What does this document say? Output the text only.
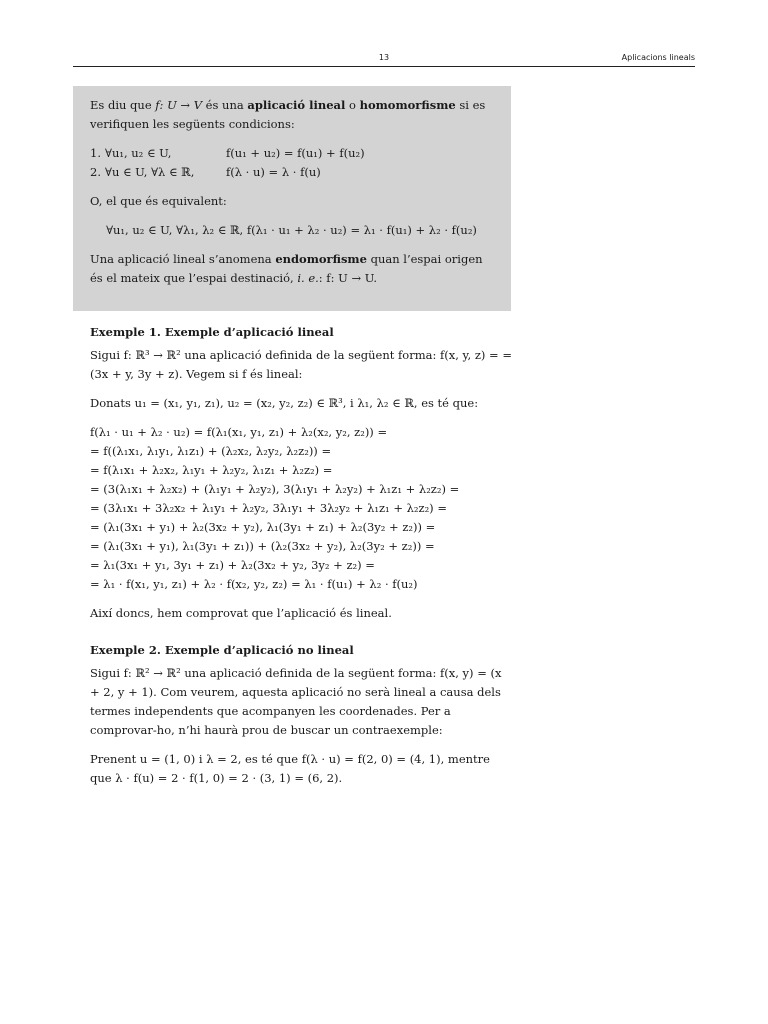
13	Aplicacions lineals

Es diu que f: U → V és una aplicació lineal o homomorfisme si es verifiquen les següents condicions:

1. ∀u₁, u₂ ∈ U,	f(u₁ + u₂) = f(u₁) + f(u₂)
2. ∀u ∈ U, ∀λ ∈ ℝ,	f(λ · u) = λ · f(u)

O, el que és equivalent:

∀u₁, u₂ ∈ U, ∀λ₁, λ₂ ∈ ℝ, f(λ₁ · u₁ + λ₂ · u₂) = λ₁ · f(u₁) + λ₂ · f(u₂)

Una aplicació lineal s’anomena endomorfisme quan l’espai origen és el mateix que l’espai destinació, i. e.: f: U → U.

Exemple 1. Exemple d’aplicació lineal

Sigui f: ℝ³ → ℝ² una aplicació definida de la següent forma: f(x, y, z) = = (3x + y, 3y + z). Vegem si f és lineal:

Donats u₁ = (x₁, y₁, z₁), u₂ = (x₂, y₂, z₂) ∈ ℝ³, i λ₁, λ₂ ∈ ℝ, es té que:

f(λ₁ · u₁ + λ₂ · u₂) = f(λ₁(x₁, y₁, z₁) + λ₂(x₂, y₂, z₂)) =

= f((λ₁x₁, λ₁y₁, λ₁z₁) + (λ₂x₂, λ₂y₂, λ₂z₂)) =

= f(λ₁x₁ + λ₂x₂, λ₁y₁ + λ₂y₂, λ₁z₁ + λ₂z₂) =

= (3(λ₁x₁ + λ₂x₂) + (λ₁y₁ + λ₂y₂), 3(λ₁y₁ + λ₂y₂) + λ₁z₁ + λ₂z₂) =

= (3λ₁x₁ + 3λ₂x₂ + λ₁y₁ + λ₂y₂, 3λ₁y₁ + 3λ₂y₂ + λ₁z₁ + λ₂z₂) =

= (λ₁(3x₁ + y₁) + λ₂(3x₂ + y₂), λ₁(3y₁ + z₁) + λ₂(3y₂ + z₂)) =

= (λ₁(3x₁ + y₁), λ₁(3y₁ + z₁)) + (λ₂(3x₂ + y₂), λ₂(3y₂ + z₂)) =

= λ₁(3x₁ + y₁, 3y₁ + z₁) + λ₂(3x₂ + y₂, 3y₂ + z₂) =

= λ₁ · f(x₁, y₁, z₁) + λ₂ · f(x₂, y₂, z₂) = λ₁ · f(u₁) + λ₂ · f(u₂)

Així doncs, hem comprovat que l’aplicació és lineal.

Exemple 2. Exemple d’aplicació no lineal

Sigui f: ℝ² → ℝ² una aplicació definida de la següent forma: f(x, y) = (x + 2, y + 1). Com veurem, aquesta aplicació no serà lineal a causa dels termes independents que acompanyen les coordenades. Per a comprovar-ho, n’hi haurà prou de buscar un contraexemple:

Prenent u = (1, 0) i λ = 2, es té que f(λ · u) = f(2, 0) = (4, 1), mentre que λ · f(u) = 2 · f(1, 0) = 2 · (3, 1) = (6, 2).
